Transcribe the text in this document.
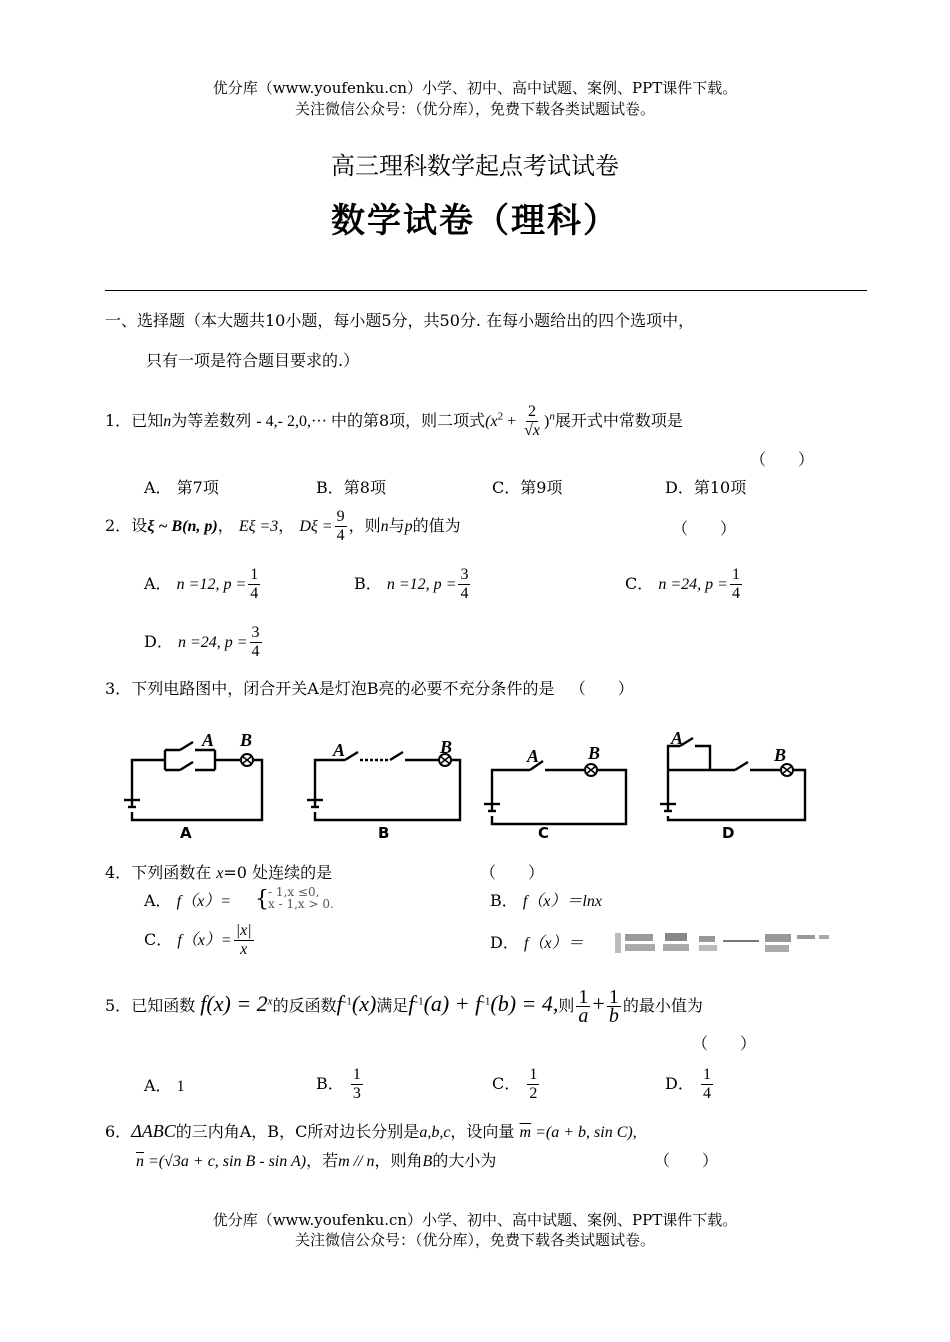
优分库（www.youfenku.cn）小学、初中、高中试题、案例、PPT课件下载。
关注微信公众号：（优分库），免费下载各类试题试卷。
高三理科数学起点考试试卷
数学试卷（理科）
一、选择题（本大题共10小题，每小题5分，共50分. 在每小题给出的四个选项中，
只有一项是符合题目要求的.）
1．已知n为等差数列 - 4,- 2,0,··· 中的第8项，则二项式$(x^2 + \frac{2}{√x} )^n$展开式中常数项是
（　　）
A． 第7项	B．第8项	C．第9项	D．第10项
2．设ξ ~ B(n, p)， Eξ =3， $D\xi = \frac{9}{4}$ ，则n与p的值为	（　　）
A． n =12, $p = \frac{1}{4}$	B． n =12, $p = \frac{3}{4}$	C． n =24, $p = \frac{1}{4}$
D． n =24, $p = \frac{3}{4}$
3．下列电路图中，闭合开关A是灯泡B亮的必要不充分条件的是 （　　）
A B	A	B	A	B
A
B
A	B	C	D
4．下列函数在 x=0 处连续的是	（　　）
A． f（x）= { - 1,x ≤0,
x - 1,x > 0.	B． f（x）＝lnx
C． $f(x)= \frac{|x|}{x}$	D． f（x）＝
5．已知函数 $f(x) = 2^x$的反函数$f^{-1}(x)$满足$f^{-1}(a) + f^{-1}(b) = 4$,则 $\frac{1}{a} + \frac{1}{b}$ 的最小值为
（　　）
A． 1	B． $\frac{1}{3}$	C． $\frac{1}{2}$	D． $\frac{1}{4}$
6．ΔABC的三内角A，B，C所对边长分别是a,b,c，设向量 $\overline{m} =(a + b$, sin C),
$\overline{n} =(√3a + c$, sin B - sin A)，若m // n，则角B的大小为	（　　）
优分库（www.youfenku.cn）小学、初中、高中试题、案例、PPT课件下载。
关注微信公众号：（优分库），免费下载各类试题试卷。
